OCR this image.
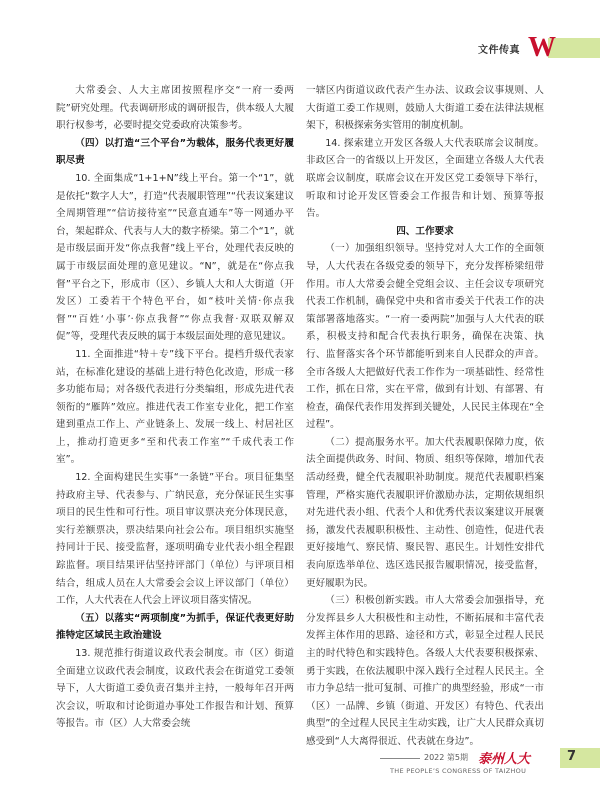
文件传真 W

大常委会、人大主席团按照程序交“一府一委两院”研究处理。代表调研形成的调研报告，供本级人大履职行权参考，必要时提交党委政府决策参考。

（四）以打造“三个平台”为载体，服务代表更好履职尽责

10. 全面集成“1+1+N”线上平台。第一个“1”，就是依托“数字人大”，打造“代表履职管理”“代表议案建议全周期管理”“信访接待室”“民意直通车”等一网通办平台，架起群众、代表与人大的数字桥梁。第二个“1”，就是市级层面开发“你点我督”线上平台，处理代表反映的属于市级层面处理的意见建议。“N”，就是在“你点我督”平台之下，形成市（区）、乡镇人大和人大街道（开发区）工委若干个特色平台，如“枝叶关情·你点我督”“百姓‘小事’·你点我督”“你点我督·双联双解双促”等，受理代表反映的属于本级层面处理的意见建议。

11. 全面推进“特＋专”线下平台。提档升级代表家站，在标准化建设的基础上进行特色化改造，形成一移多功能布局；对各级代表进行分类编组，形成先进代表领衔的“雁阵”效应。推进代表工作室专业化，把工作室建到重点工作上、产业链条上、发展一线上、村居社区上，推动打造更多“至和代表工作室”“千成代表工作室”。

12. 全面构建民生实事“一条链”平台。项目征集坚持政府主导、代表参与、广纳民意，充分保证民生实事项目的民生性和可行性。项目审议票决充分体现民意，实行差额票决，票决结果向社会公布。项目组织实施坚持同计于民、接受监督，逐项明确专业代表小组全程跟踪监督。项目结果评估坚持评部门（单位）与评项目相结合，组成人员在人大常委会会议上评议部门（单位）工作，人大代表在人代会上评议项目落实情况。

（五）以落实“两项制度”为抓手，保证代表更好助推特定区域民主政治建设

13. 规范推行街道议政代表会制度。市（区）街道全面建立议政代表会制度，议政代表会在街道党工委领导下，人大街道工委负责召集并主持，一般每年召开两次会议，听取和讨论街道办事处工作报告和计划、预算等报告。市（区）人大常委会统

一辖区内街道议政代表产生办法、议政会议事规则、人大街道工委工作规则，鼓励人大街道工委在法律法规框架下，积极探索务实管用的制度机制。

14. 探索建立开发区各级人大代表联席会议制度。非政区合一的省级以上开发区，全面建立各级人大代表联席会议制度，联席会议在开发区党工委领导下举行，听取和讨论开发区管委会工作报告和计划、预算等报告。

四、工作要求

（一）加强组织领导。坚持党对人大工作的全面领导，人大代表在各级党委的领导下，充分发挥桥梁纽带作用。市人大常委会健全党组会议、主任会议专项研究代表工作机制，确保党中央和省市委关于代表工作的决策部署落地落实。“一府一委两院”加强与人大代表的联系，积极支持和配合代表执行职务，确保在决策、执行、监督落实各个环节都能听到来自人民群众的声音。全市各级人大把做好代表工作作为一项基础性、经常性工作，抓在日常，实在平常，做到有计划、有部署、有检查，确保代表作用发挥到关键处，人民民主体现在“全过程”。

（二）提高服务水平。加大代表履职保障力度，依法全面提供政务、时间、物质、组织等保障，增加代表活动经费，健全代表履职补助制度。规范代表履职档案管理，严格实施代表履职评价激励办法，定期依规组织对先进代表小组、代表个人和优秀代表议案建议开展褒扬，激发代表履职积极性、主动性、创造性，促进代表更好接地气、察民情、聚民智、惠民生。计划性安排代表向原选举单位、选区选民报告履职情况，接受监督，更好履职为民。

（三）积极创新实践。市人大常委会加强指导，充分发挥县乡人大积极性和主动性，不断拓展和丰富代表发挥主体作用的思路、途径和方式，彰显全过程人民民主的时代特色和实践特色。各级人大代表要积极探索、勇于实践，在依法履职中深入践行全过程人民民主。全市力争总结一批可复制、可推广的典型经验，形成“一市（区）一品牌、乡镇（街道、开发区）有特色、代表出典型”的全过程人民民主生动实践，让广大人民群众真切感受到“人大离得很近、代表就在身边”。

2022 第5期 泰州人大
THE PEOPLE’S CONGRESS OF TAIZHOU
7
